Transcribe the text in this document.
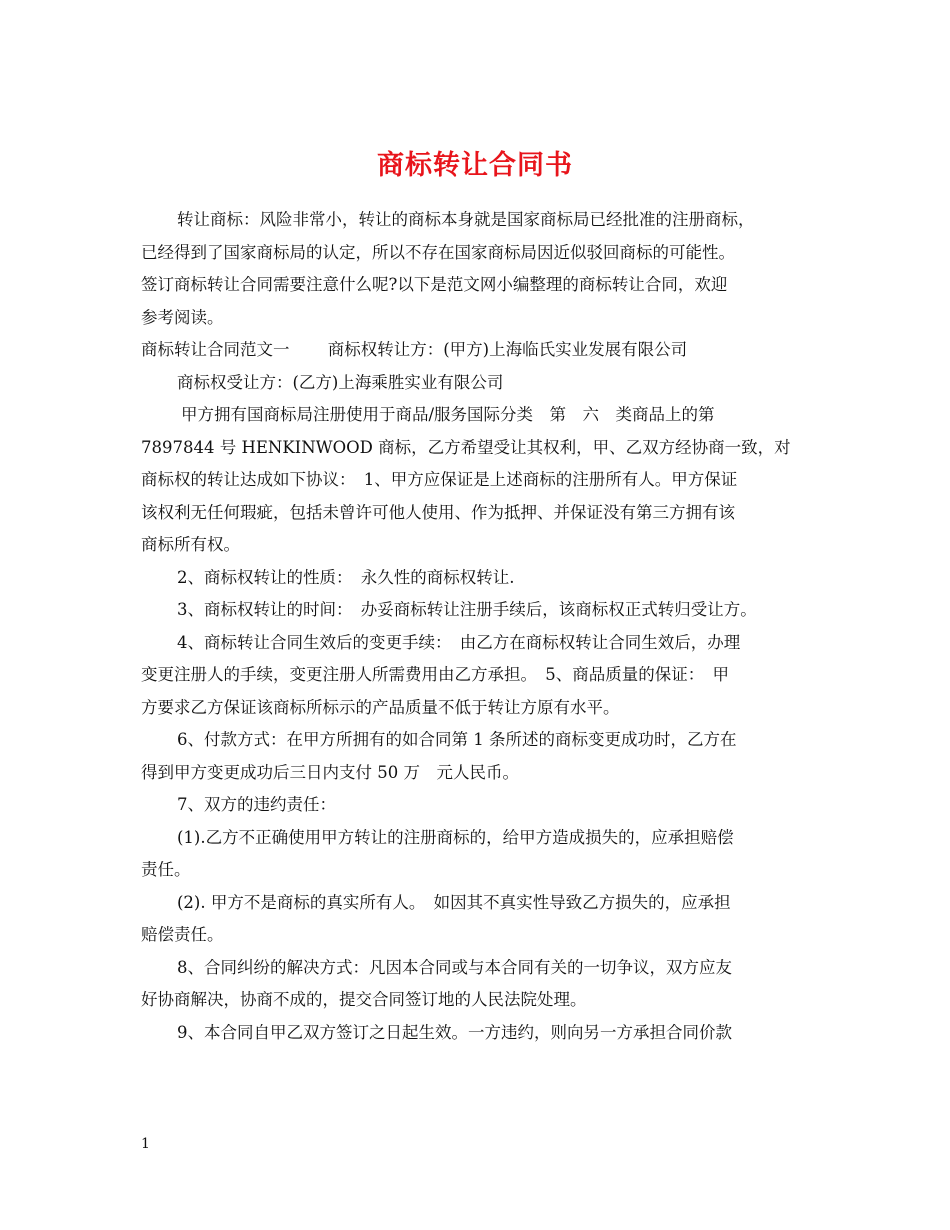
商标转让合同书

转让商标：风险非常小，转让的商标本身就是国家商标局已经批准的注册商标，

已经得到了国家商标局的认定，所以不存在国家商标局因近似驳回商标的可能性。

签订商标转让合同需要注意什么呢?以下是范文网小编整理的商标转让合同，欢迎

参考阅读。

商标转让合同范文一　　 商标权转让方：(甲方)上海临氏实业发展有限公司

商标权受让方：(乙方)上海乘胜实业有限公司

甲方拥有国商标局注册使用于商品/服务国际分类　第　六　类商品上的第

7897844 号 HENKINWOOD 商标，乙方希望受让其权利，甲、乙双方经协商一致，对

商标权的转让达成如下协议：　1、甲方应保证是上述商标的注册所有人。甲方保证

该权利无任何瑕疵，包括未曾许可他人使用、作为抵押、并保证没有第三方拥有该

商标所有权。

2、商标权转让的性质：　永久性的商标权转让.

3、商标权转让的时间：　办妥商标转让注册手续后，该商标权正式转归受让方。

4、商标转让合同生效后的变更手续：　由乙方在商标权转让合同生效后，办理

变更注册人的手续，变更注册人所需费用由乙方承担。　5、商品质量的保证：　甲

方要求乙方保证该商标所标示的产品质量不低于转让方原有水平。

6、付款方式：在甲方所拥有的如合同第 1 条所述的商标变更成功时，乙方在

得到甲方变更成功后三日内支付 50 万　元人民币。

7、双方的违约责任：

(1).乙方不正确使用甲方转让的注册商标的，给甲方造成损失的，应承担赔偿

责任。

(2). 甲方不是商标的真实所有人。　如因其不真实性导致乙方损失的，应承担

赔偿责任。

8、合同纠纷的解决方式：凡因本合同或与本合同有关的一切争议，双方应友

好协商解决，协商不成的，提交合同签订地的人民法院处理。

9、本合同自甲乙双方签订之日起生效。一方违约，则向另一方承担合同价款

1
